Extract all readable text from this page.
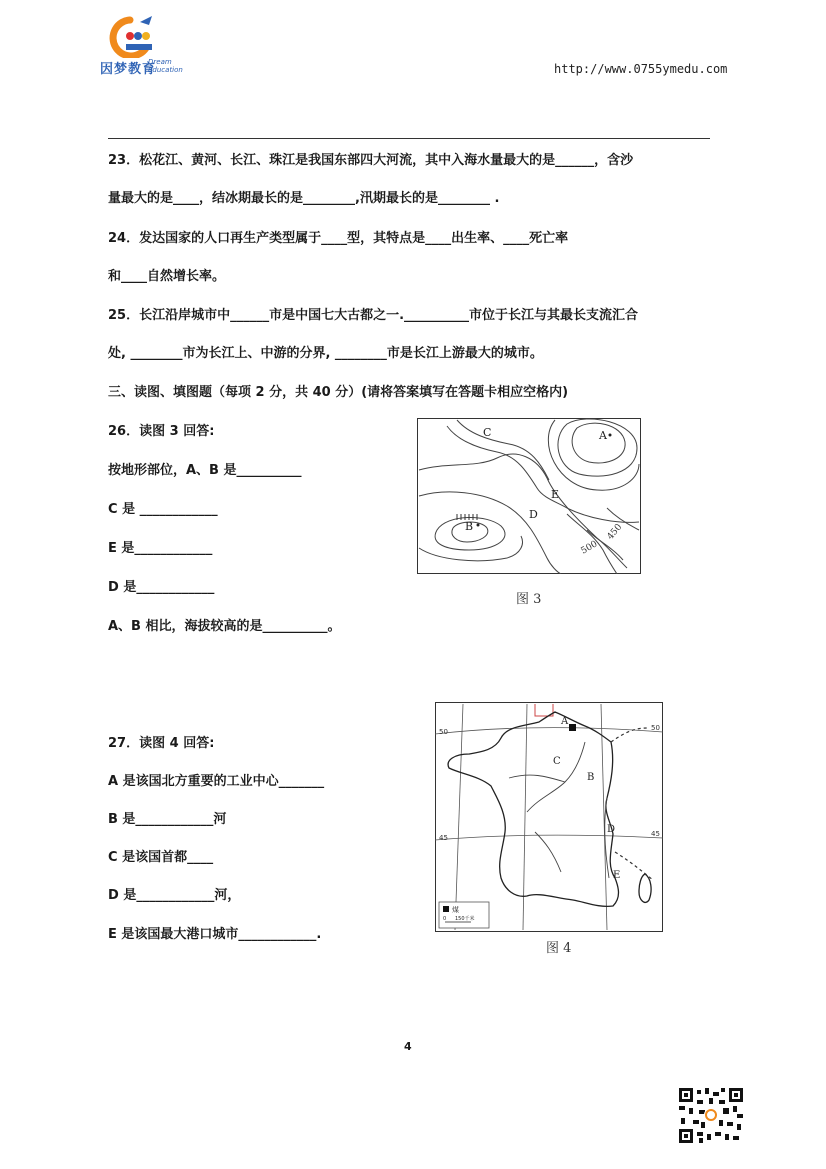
因梦教育
Dream
Education	http://www.0755ymedu.com
23．松花江、黄河、长江、珠江是我国东部四大河流，其中入海水量最大的是______，含沙
量最大的是____，结冰期最长的是________,汛期最长的是________ .
24．发达国家的人口再生产类型属于____型，其特点是____出生率、____死亡率
和____自然增长率。
25．长江沿岸城市中______市是中国七大古都之一.__________市位于长江与其最长支流汇合
处, ________市为长江上、中游的分界, ________市是长江上游最大的城市。
三、读图、填图题（每项 2 分，共 40 分）(请将答案填写在答题卡相应空格内)
26．读图 3 回答:
按地形部位，A、B 是__________
C 是 ____________
E 是____________
D 是____________
A、B 相比，海拔较高的是__________。
A
B
C
D
E
500
450
图 3
27．读图 4 回答:
A 是该国北方重要的工业中心_______
B 是____________河
C 是该国首都____
D 是____________河，
E 是该国最大港口城市____________.
A
B
C
D
E
50	50
45	45
煤
0 150千米
图 4
4
